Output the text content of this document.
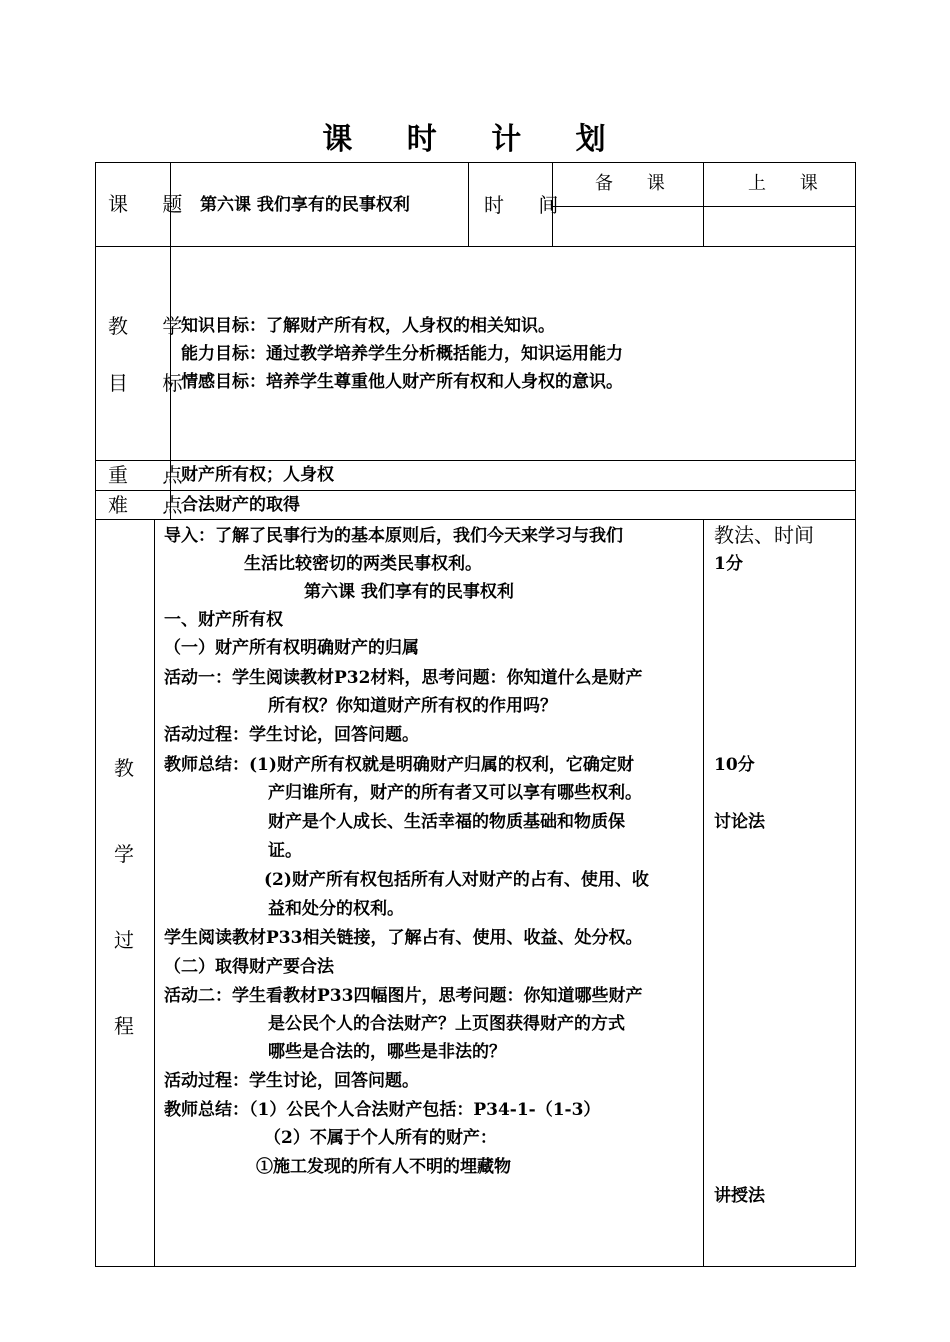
课 时 计 划
课 题 第六课 我们享有的民事权利	时 间
备 课	上 课
教 学
目 标
知识目标：了解财产所有权，人身权的相关知识。
能力目标：通过教学培养学生分析概括能力，知识运用能力
情感目标：培养学生尊重他人财产所有权和人身权的意识。
重 点
财产所有权；人身权
难 点
合法财产的取得
教
学
过
程
导入：了解了民事行为的基本原则后，我们今天来学习与我们
生活比较密切的两类民事权利。
第六课 我们享有的民事权利
一、财产所有权
（一）财产所有权明确财产的归属
活动一：学生阅读教材P32材料，思考问题：你知道什么是财产
所有权？你知道财产所有权的作用吗？
活动过程：学生讨论，回答问题。
教师总结：(1)财产所有权就是明确财产归属的权利，它确定财
产归谁所有，财产的所有者又可以享有哪些权利。
财产是个人成长、生活幸福的物质基础和物质保
证。
(2)财产所有权包括所有人对财产的占有、使用、收
益和处分的权利。
学生阅读教材P33相关链接，了解占有、使用、收益、处分权。
（二）取得财产要合法
活动二：学生看教材P33四幅图片，思考问题：你知道哪些财产
是公民个人的合法财产？上页图获得财产的方式
哪些是合法的，哪些是非法的？
活动过程：学生讨论，回答问题。
教师总结：（1）公民个人合法财产包括：P34-1-（1-3）
（2）不属于个人所有的财产：
①施工发现的所有人不明的埋藏物
教法、时间
1分
10分
讨论法
讲授法
